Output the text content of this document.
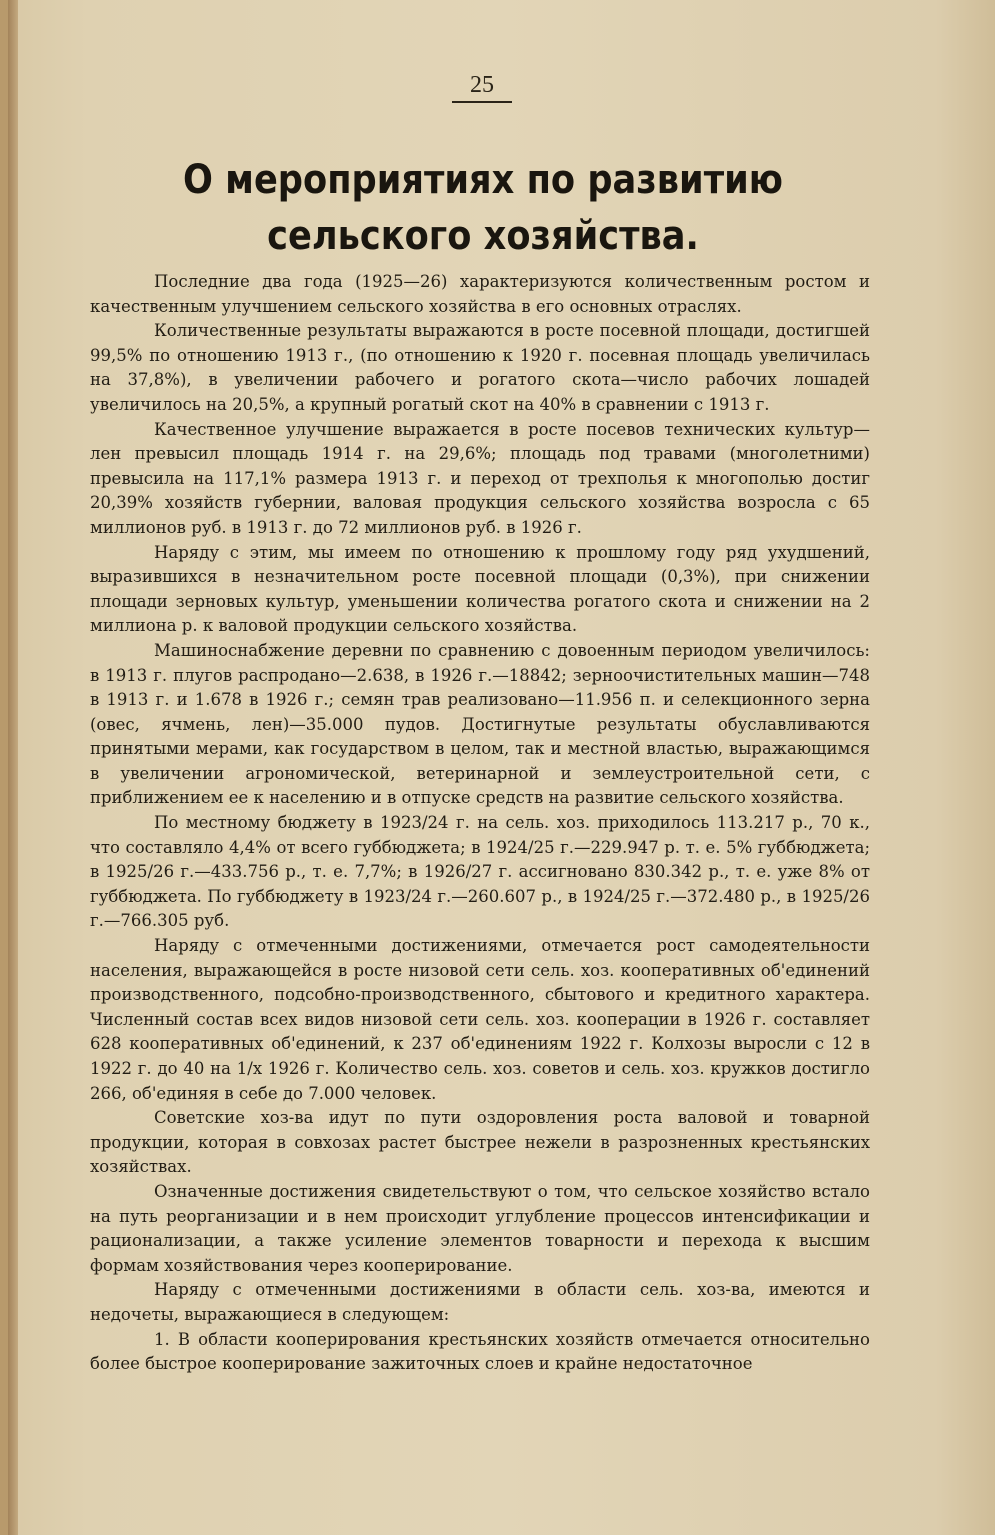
25
О мероприятиях по развитию сельского хозяйства.

Последние два года (1925—26) характеризуются количественным ростом и качественным улучшением сельского хозяйства в его основных отраслях.

Количественные результаты выражаются в росте посевной площади, достигшей 99,5% по отношению 1913 г., (по отношению к 1920 г. посевная площадь увеличилась на 37,8%), в увеличении рабочего и рогатого скота—число рабочих лошадей увеличилось на 20,5%, а крупный рогатый скот на 40% в сравнении с 1913 г.

Качественное улучшение выражается в росте посевов технических культур—лен превысил площадь 1914 г. на 29,6%; площадь под травами (многолетними) превысила на 117,1% размера 1913 г. и переход от трехполья к многополью достиг 20,39% хозяйств губернии, валовая продукция сельского хозяйства возросла с 65 миллионов руб. в 1913 г. до 72 миллионов руб. в 1926 г.

Наряду с этим, мы имеем по отношению к прошлому году ряд ухудшений, выразившихся в незначительном росте посевной площади (0,3%), при снижении площади зерновых культур, уменьшении количества рогатого скота и снижении на 2 миллиона р. к валовой продукции сельского хозяйства.

Машиноснабжение деревни по сравнению с довоенным периодом увеличилось: в 1913 г. плугов распродано—2.638, в 1926 г.—18842; зерноочистительных машин—748 в 1913 г. и 1.678 в 1926 г.; семян трав реализовано—11.956 п. и селекционного зерна (овес, ячмень, лен)—35.000 пудов. Достигнутые результаты обуславливаются принятыми мерами, как государством в целом, так и местной властью, выражающимся в увеличении агрономической, ветеринарной и землеустроительной сети, с приближением ее к населению и в отпуске средств на развитие сельского хозяйства.

По местному бюджету в 1923/24 г. на сель. хоз. приходилось 113.217 р., 70 к., что составляло 4,4% от всего губбюджета; в 1924/25 г.—229.947 р. т. е. 5% губбюджета; в 1925/26 г.—433.756 р., т. е. 7,7%; в 1926/27 г. ассигновано 830.342 р., т. е. уже 8% от губбюджета. По губбюджету в 1923/24 г.—260.607 р., в 1924/25 г.—372.480 р., в 1925/26 г.—766.305 руб.

Наряду с отмеченными достижениями, отмечается рост самодеятельности населения, выражающейся в росте низовой сети сель. хоз. кооперативных об'единений производственного, подсобно-производственного, сбытового и кредитного характера. Численный состав всех видов низовой сети сель. хоз. кооперации в 1926 г. составляет 628 кооперативных об'единений, к 237 об'единениям 1922 г. Колхозы выросли с 12 в 1922 г. до 40 на 1/х 1926 г. Количество сель. хоз. советов и сель. хоз. кружков достигло 266, об'единяя в себе до 7.000 человек.

Советские хоз-ва идут по пути оздоровления роста валовой и товарной продукции, которая в совхозах растет быстрее нежели в разрозненных крестьянских хозяйствах.

Означенные достижения свидетельствуют о том, что сельское хозяйство встало на путь реорганизации и в нем происходит углубление процессов интенсификации и рационализации, а также усиление элементов товарности и перехода к высшим формам хозяйствования через кооперирование.

Наряду с отмеченными достижениями в области сель. хоз-ва, имеются и недочеты, выражающиеся в следующем:

1. В области кооперирования крестьянских хозяйств отмечается относительно более быстрое кооперирование зажиточных слоев и крайне недостаточное
